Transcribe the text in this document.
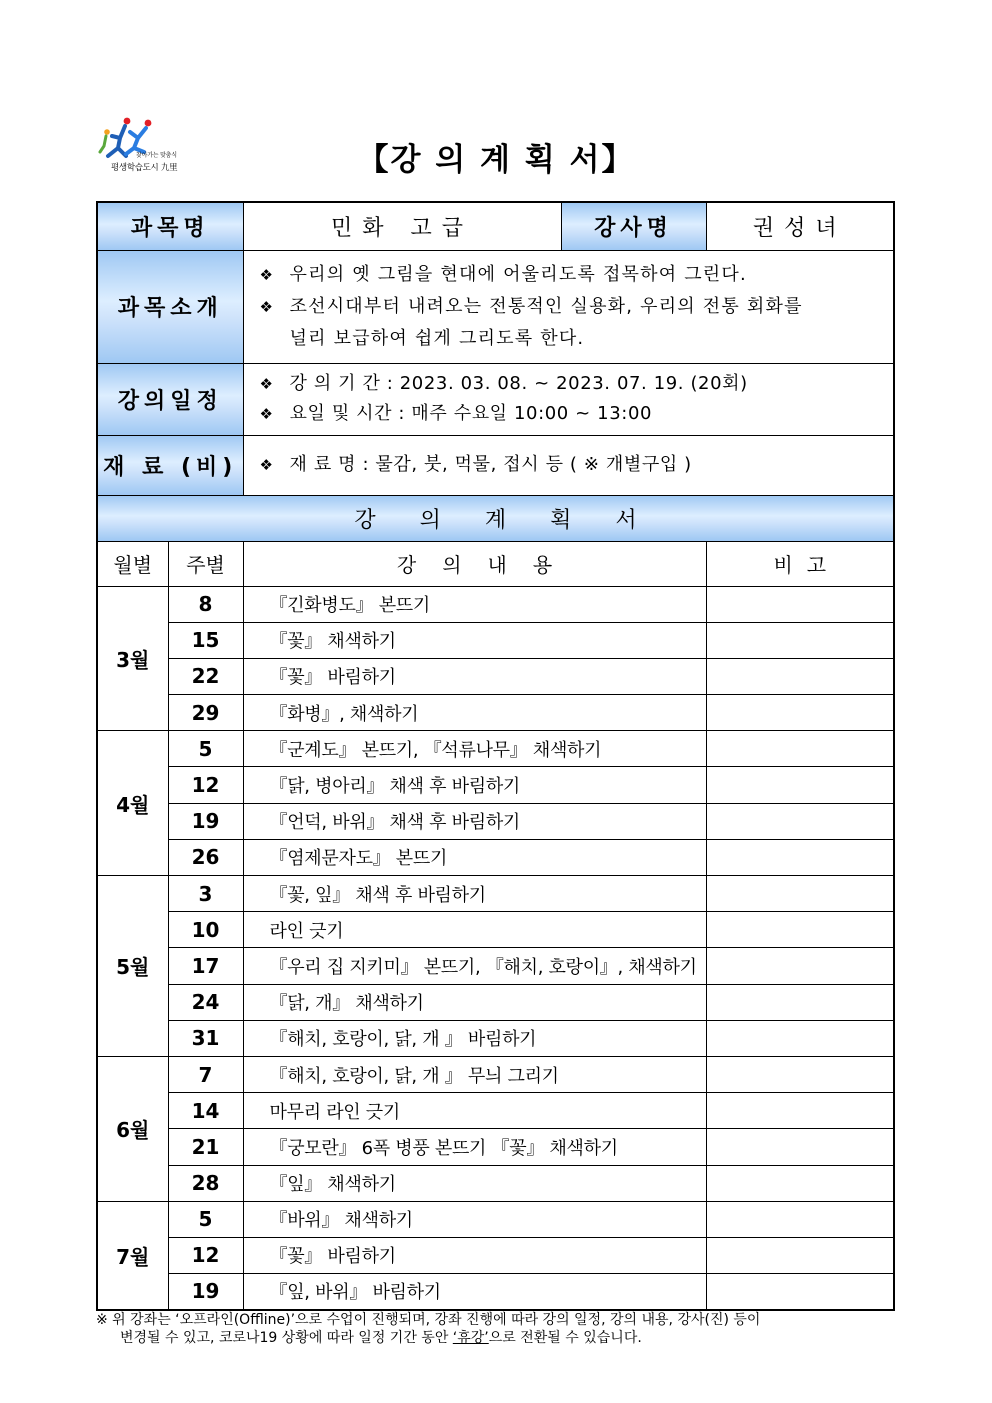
찾아가는 맞춤식
평생학습도시 九里	【강 의 계 획 서】
과목명		민화 고급	강사명	권성녀
과목소개		❖ 우리의 옛 그림을 현대에 어울리도록 접목하여 그린다.
❖ 조선시대부터 내려오는 전통적인 실용화, 우리의 전통 회화를
널리 보급하여 쉽게 그리도록 한다.		

강의일정		❖ 강 의 기 간 : 2023. 03. 08. ~ 2023. 07. 19. (20회)
❖ 요일 및 시간 : 매주 수요일 10:00 ~ 13:00		

재 료 (비)		❖ 재 료 명 : 물감, 붓, 먹물, 접시 등 ( ※ 개별구입 )		

강의계획서				
월별	주별	강의내용		비고
3월	8	『긴화병도』 본뜨기		
	15	『꽃』 채색하기		
	22	『꽃』 바림하기		
	29	『화병』, 채색하기		
4월	5	『군계도』 본뜨기, 『석류나무』 채색하기		
	12	『닭, 병아리』 채색 후 바림하기		
	19	『언덕, 바위』 채색 후 바림하기		
	26	『염제문자도』 본뜨기		
5월	3	『꽃, 잎』 채색 후 바림하기		
	10	라인 긋기		
	17	『우리 집 지키미』 본뜨기, 『해치, 호랑이』, 채색하기		
	24	『닭, 개』 채색하기		
	31	『해치, 호랑이, 닭, 개 』 바림하기		
6월	7	『해치, 호랑이, 닭, 개 』 무늬 그리기		
	14	마무리 라인 긋기		
	21	『궁모란』 6폭 병풍 본뜨기 『꽃』 채색하기		
	28	『잎』 채색하기		
7월	5	『바위』 채색하기		
	12	『꽃』 바림하기		
	19	『잎, 바위』 바림하기		
※ 위 강좌는 ‘오프라인(Offline)’으로 수업이 진행되며, 강좌 진행에 따라 강의 일정, 강의 내용, 강사(진) 등이
변경될 수 있고, 코로나19 상황에 따라 일정 기간 동안 ‘휴강’으로 전환될 수 있습니다.
